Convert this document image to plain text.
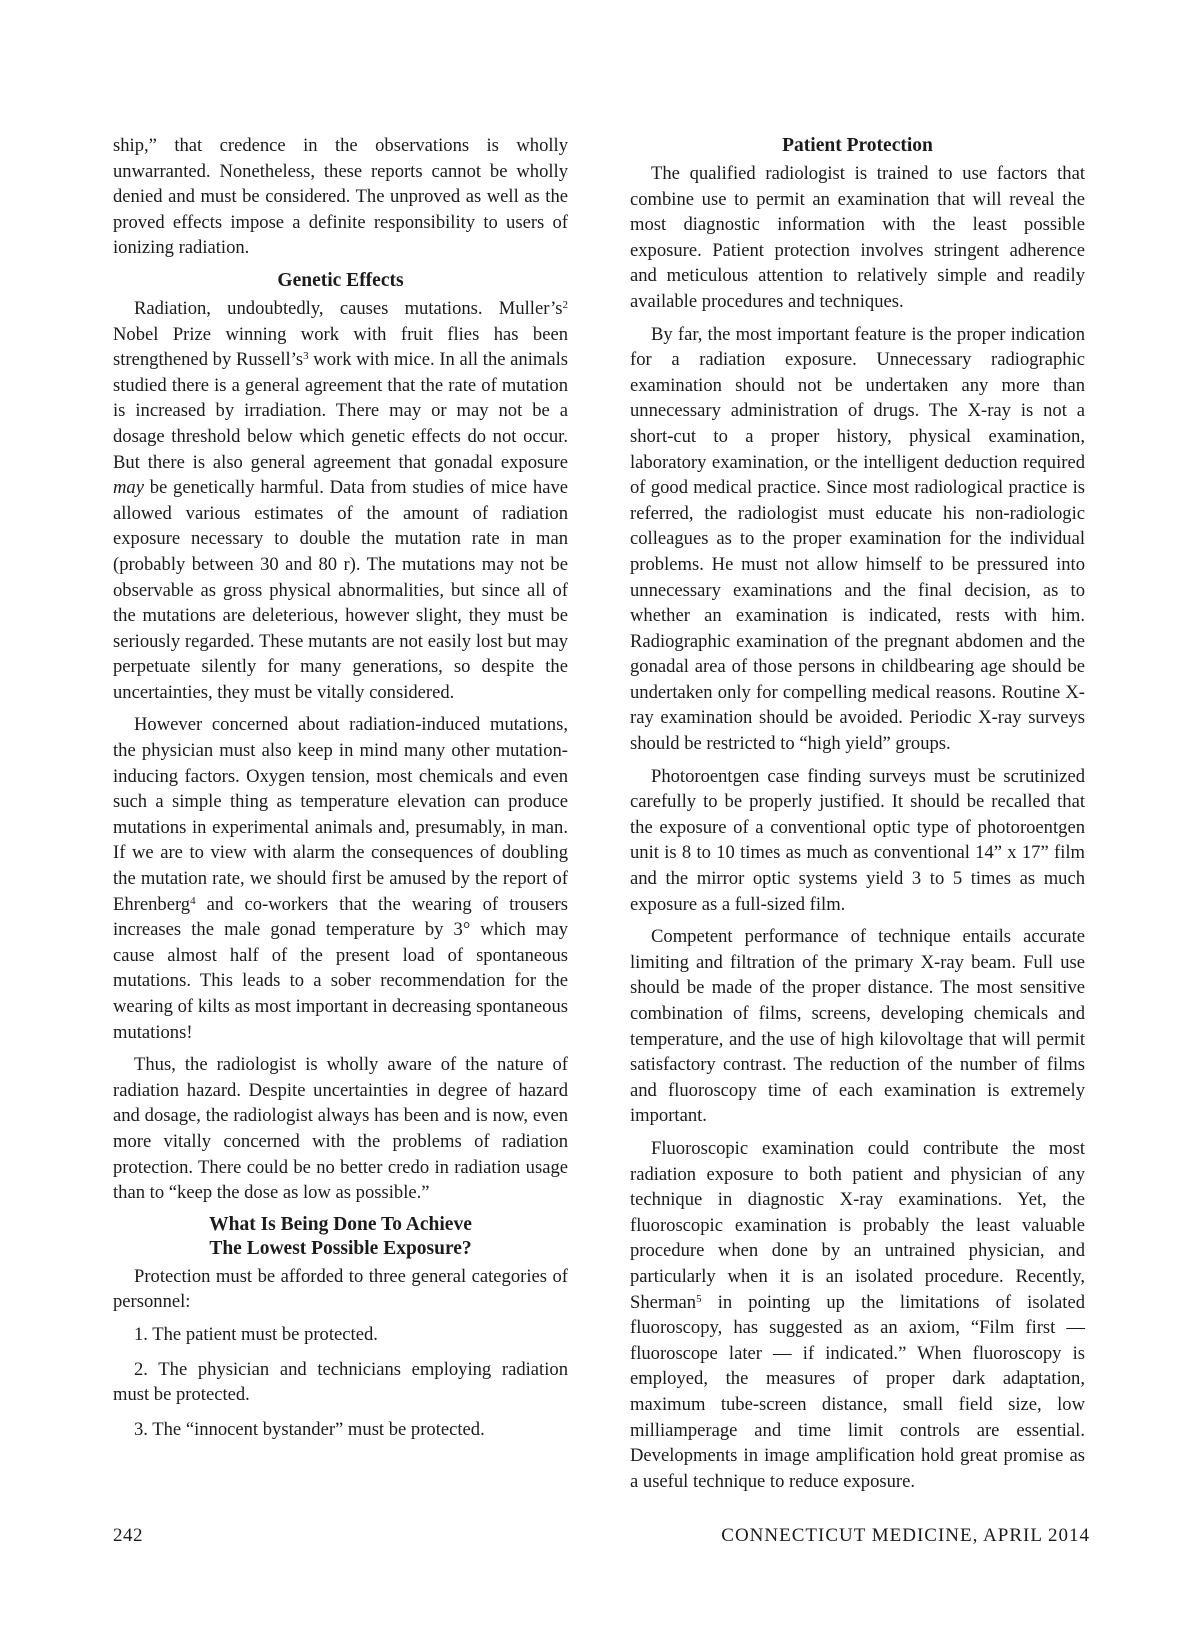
ship,” that credence in the observations is wholly unwarranted. Nonetheless, these reports cannot be wholly denied and must be considered. The unproved as well as the proved effects impose a definite responsibility to users of ionizing radiation.

Genetic Effects

Radiation, undoubtedly, causes mutations. $Muller’s^2$ Nobel Prize winning work with fruit flies has been strengthened by $Russell’s^3$ work with mice. In all the animals studied there is a general agreement that the rate of mutation is increased by irradiation. There may or may not be a dosage threshold below which genetic effects do not occur. But there is also general agreement that gonadal exposure may be genetically harmful. Data from studies of mice have allowed various estimates of the amount of radiation exposure necessary to double the mutation rate in man (probably between 30 and 80 r). The mutations may not be observable as gross physical abnormalities, but since all of the mutations are deleterious, however slight, they must be seriously regarded. These mutants are not easily lost but may perpetuate silently for many generations, so despite the uncertainties, they must be vitally considered.

However concerned about radiation-induced mutations, the physician must also keep in mind many other mutation-inducing factors. Oxygen tension, most chemicals and even such a simple thing as temperature elevation can produce mutations in experimental animals and, presumably, in man. If we are to view with alarm the consequences of doubling the mutation rate, we should first be amused by the report of Ehrenberg$^4$ and co-workers that the wearing of trousers increases the male gonad temperature by 3° which may cause almost half of the present load of spontaneous mutations. This leads to a sober recommendation for the wearing of kilts as most important in decreasing spontaneous mutations!

Thus, the radiologist is wholly aware of the nature of radiation hazard. Despite uncertainties in degree of hazard and dosage, the radiologist always has been and is now, even more vitally concerned with the problems of radiation protection. There could be no better credo in radiation usage than to “keep the dose as low as possible.”

What Is Being Done To Achieve
The Lowest Possible Exposure?

Protection must be afforded to three general categories of personnel:

1. The patient must be protected.

2. The physician and technicians employing radiation must be protected.

3. The “innocent bystander” must be protected.

Patient Protection

The qualified radiologist is trained to use factors that combine use to permit an examination that will reveal the most diagnostic information with the least possible exposure. Patient protection involves stringent adherence and meticulous attention to relatively simple and readily available procedures and techniques.

By far, the most important feature is the proper indication for a radiation exposure. Unnecessary radiographic examination should not be undertaken any more than unnecessary administration of drugs. The X-ray is not a short-cut to a proper history, physical examination, laboratory examination, or the intelligent deduction required of good medical practice. Since most radiological practice is referred, the radiologist must educate his non-radiologic colleagues as to the proper examination for the individual problems. He must not allow himself to be pressured into unnecessary examinations and the final decision, as to whether an examination is indicated, rests with him. Radiographic examination of the pregnant abdomen and the gonadal area of those persons in childbearing age should be undertaken only for compelling medical reasons. Routine X-ray examination should be avoided. Periodic X-ray surveys should be restricted to “high yield” groups.

Photoroentgen case finding surveys must be scrutinized carefully to be properly justified. It should be recalled that the exposure of a conventional optic type of photoroentgen unit is 8 to 10 times as much as conventional 14” x 17” film and the mirror optic systems yield 3 to 5 times as much exposure as a full-sized film.

Competent performance of technique entails accurate limiting and filtration of the primary X-ray beam. Full use should be made of the proper distance. The most sensitive combination of films, screens, developing chemicals and temperature, and the use of high kilovoltage that will permit satisfactory contrast. The reduction of the number of films and fluoroscopy time of each examination is extremely important.

Fluoroscopic examination could contribute the most radiation exposure to both patient and physician of any technique in diagnostic X-ray examinations. Yet, the fluoroscopic examination is probably the least valuable procedure when done by an untrained physician, and particularly when it is an isolated procedure. Recently, Sherman$^5$ in pointing up the limitations of isolated fluoroscopy, has suggested as an axiom, “Film first — fluoroscope later — if indicated.” When fluoroscopy is employed, the measures of proper dark adaptation, maximum tube-screen distance, small field size, low milliamperage and time limit controls are essential. Developments in image amplification hold great promise as a useful technique to reduce exposure.

242	CONNECTICUT MEDICINE, APRIL 2014
